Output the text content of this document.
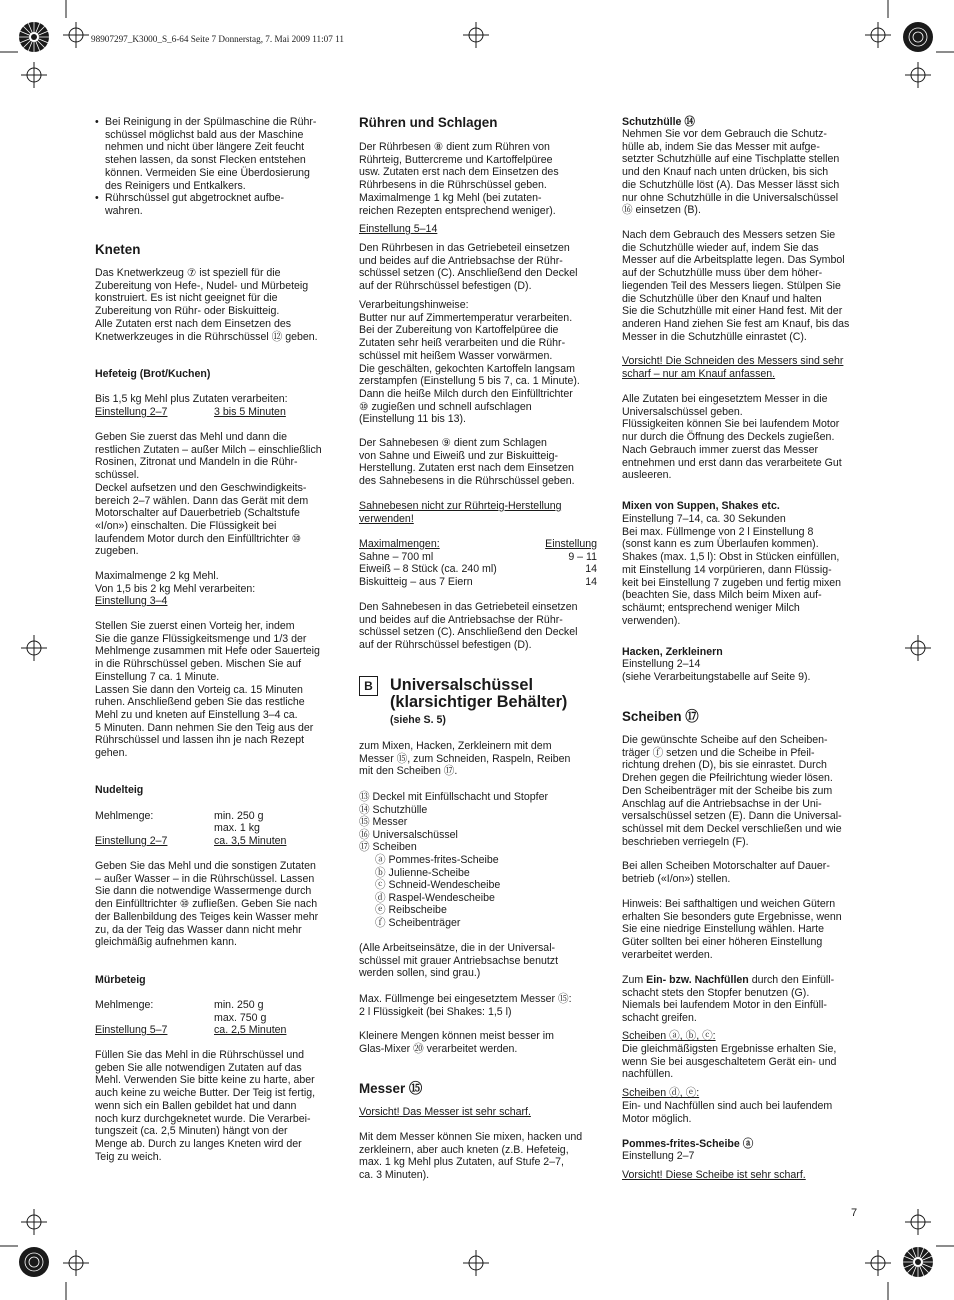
98907297_K3000_S_6-64 Seite 7 Donnerstag, 7. Mai 2009 11:07 11
• Bei Reinigung in der Spülmaschine die Rühr-
schüssel möglichst bald aus der Maschine
nehmen und nicht über längere Zeit feucht
stehen lassen, da sonst Flecken entstehen
können. Vermeiden Sie eine Überdosierung
des Reinigers und Entkalkers.
• Rührschüssel gut abgetrocknet aufbe-
wahren.
Kneten
Das Knetwerkzeug ⑦ ist speziell für die
Zubereitung von Hefe-, Nudel- und Mürbeteig
konstruiert. Es ist nicht geeignet für die
Zubereitung von Rühr- oder Biskuitteig.
Alle Zutaten erst nach dem Einsetzen des
Knetwerkzeuges in die Rührschüssel ⑫ geben.
Hefeteig (Brot/Kuchen)
Bis 1,5 kg Mehl plus Zutaten verarbeiten:
Einstellung 2–7	3 bis 5 Minuten
Geben Sie zuerst das Mehl und dann die
restlichen Zutaten – außer Milch – einschließlich
Rosinen, Zitronat und Mandeln in die Rühr-
schüssel.
Deckel aufsetzen und den Geschwindigkeits-
bereich 2–7 wählen. Dann das Gerät mit dem
Motorschalter auf Dauerbetrieb (Schaltstufe
«I/on») einschalten. Die Flüssigkeit bei
laufendem Motor durch den Einfülltrichter ⑩
zugeben.
Maximalmenge 2 kg Mehl.
Von 1,5 bis 2 kg Mehl verarbeiten:
Einstellung 3–4
Stellen Sie zuerst einen Vorteig her, indem
Sie die ganze Flüssigkeitsmenge und 1/3 der
Mehlmenge zusammen mit Hefe oder Sauerteig
in die Rührschüssel geben. Mischen Sie auf
Einstellung 7 ca. 1 Minute.
Lassen Sie dann den Vorteig ca. 15 Minuten
ruhen. Anschließend geben Sie das restliche
Mehl zu und kneten auf Einstellung 3–4 ca.
5 Minuten. Dann nehmen Sie den Teig aus der
Rührschüssel und lassen ihn je nach Rezept
gehen.
Nudelteig
Mehlmenge:	min. 250 g
max. 1 kg
Einstellung 2–7	ca. 3,5 Minuten
Geben Sie das Mehl und die sonstigen Zutaten
– außer Wasser – in die Rührschüssel. Lassen
Sie dann die notwendige Wassermenge durch
den Einfülltrichter ⑩ zufließen. Geben Sie nach
der Ballenbildung des Teiges kein Wasser mehr
zu, da der Teig das Wasser dann nicht mehr
gleichmäßig aufnehmen kann.
Mürbeteig
Mehlmenge:	min. 250 g
max. 750 g
Einstellung 5–7	ca. 2,5 Minuten
Füllen Sie das Mehl in die Rührschüssel und
geben Sie alle notwendigen Zutaten auf das
Mehl. Verwenden Sie bitte keine zu harte, aber
auch keine zu weiche Butter. Der Teig ist fertig,
wenn sich ein Ballen gebildet hat und dann
noch kurz durchgeknetet wurde. Die Verarbei-
tungszeit (ca. 2,5 Minuten) hängt von der
Menge ab. Durch zu langes Kneten wird der
Teig zu weich.
Rühren und Schlagen
Der Rührbesen ⑧ dient zum Rühren von
Rührteig, Buttercreme und Kartoffelpüree
usw. Zutaten erst nach dem Einsetzen des
Rührbesens in die Rührschüssel geben.
Maximalmenge 1 kg Mehl (bei zutaten-
reichen Rezepten entsprechend weniger).
Einstellung 5–14
Den Rührbesen in das Getriebeteil einsetzen
und beides auf die Antriebsachse der Rühr-
schüssel setzen (C). Anschließend den Deckel
auf der Rührschüssel befestigen (D).
Verarbeitungshinweise:
Butter nur auf Zimmertemperatur verarbeiten.
Bei der Zubereitung von Kartoffelpüree die
Zutaten sehr heiß verarbeiten und die Rühr-
schüssel mit heißem Wasser vorwärmen.
Die geschälten, gekochten Kartoffeln langsam
zerstampfen (Einstellung 5 bis 7, ca. 1 Minute).
Dann die heiße Milch durch den Einfülltrichter
⑩ zugießen und schnell aufschlagen
(Einstellung 11 bis 13).
Der Sahnebesen ⑨ dient zum Schlagen
von Sahne und Eiweiß und zur Biskuitteig-
Herstellung. Zutaten erst nach dem Einsetzen
des Sahnebesens in die Rührschüssel geben.
Sahnebesen nicht zur Rührteig-Herstellung
verwenden!
Maximalmengen:	Einstellung
Sahne – 700 ml	9 – 11
Eiweiß – 8 Stück (ca. 240 ml)	14
Biskuitteig – aus 7 Eiern	14
Den Sahnebesen in das Getriebeteil einsetzen
und beides auf die Antriebsachse der Rühr-
schüssel setzen (C). Anschließend den Deckel
auf der Rührschüssel befestigen (D).
Universalschüssel
(klarsichtiger Behälter)
(siehe S. 5)
zum Mixen, Hacken, Zerkleinern mit dem
Messer ⑮, zum Schneiden, Raspeln, Reiben
mit den Scheiben ⑰.
⑬ Deckel mit Einfüllschacht und Stopfer
⑭ Schutzhülle
⑮ Messer
⑯ Universalschüssel
⑰ Scheiben
ⓐ Pommes-frites-Scheibe
ⓑ Julienne-Scheibe
ⓒ Schneid-Wendescheibe
ⓓ Raspel-Wendescheibe
ⓔ Reibscheibe
ⓕ Scheibenträger
(Alle Arbeitseinsätze, die in der Universal-
schüssel mit grauer Antriebsachse benutzt
werden sollen, sind grau.)
Max. Füllmenge bei eingesetztem Messer ⑮:
2 l Flüssigkeit (bei Shakes: 1,5 l)
Kleinere Mengen können meist besser im
Glas-Mixer ⑳ verarbeitet werden.
Messer ⑮
Vorsicht! Das Messer ist sehr scharf.
Mit dem Messer können Sie mixen, hacken und
zerkleinern, aber auch kneten (z.B. Hefeteig,
max. 1 kg Mehl plus Zutaten, auf Stufe 2–7,
ca. 3 Minuten).
B
Schutzhülle ⑭
Nehmen Sie vor dem Gebrauch die Schutz-
hülle ab, indem Sie das Messer mit aufge-
setzter Schutzhülle auf eine Tischplatte stellen
und den Knauf nach unten drücken, bis sich
die Schutzhülle löst (A). Das Messer lässt sich
nur ohne Schutzhülle in die Universalschüssel
⑯ einsetzen (B).
Nach dem Gebrauch des Messers setzen Sie
die Schutzhülle wieder auf, indem Sie das
Messer auf die Arbeitsplatte legen. Das Symbol
auf der Schutzhülle muss über dem höher-
liegenden Teil des Messers liegen. Stülpen Sie
die Schutzhülle über den Knauf und halten
Sie die Schutzhülle mit einer Hand fest. Mit der
anderen Hand ziehen Sie fest am Knauf, bis das
Messer in die Schutzhülle einrastet (C).
Vorsicht! Die Schneiden des Messers sind sehr
scharf – nur am Knauf anfassen.
Alle Zutaten bei eingesetztem Messer in die
Universalschüssel geben.
Flüssigkeiten können Sie bei laufendem Motor
nur durch die Öffnung des Deckels zugießen.
Nach Gebrauch immer zuerst das Messer
entnehmen und erst dann das verarbeitete Gut
ausleeren.
Mixen von Suppen, Shakes etc.
Einstellung 7–14, ca. 30 Sekunden
Bei max. Füllmenge von 2 l Einstellung 8
(sonst kann es zum Überlaufen kommen).
Shakes (max. 1,5 l): Obst in Stücken einfüllen,
mit Einstellung 14 vorpürieren, dann Flüssig-
keit bei Einstellung 7 zugeben und fertig mixen
(beachten Sie, dass Milch beim Mixen auf-
schäumt; entsprechend weniger Milch
verwenden).
Hacken, Zerkleinern
Einstellung 2–14
(siehe Verarbeitungstabelle auf Seite 9).
Scheiben ⑰
Die gewünschte Scheibe auf den Scheiben-
träger ⓕ setzen und die Scheibe in Pfeil-
richtung drehen (D), bis sie einrastet. Durch
Drehen gegen die Pfeilrichtung wieder lösen.
Den Scheibenträger mit der Scheibe bis zum
Anschlag auf die Antriebsachse in der Uni-
versalschüssel setzen (E). Dann die Universal-
schüssel mit dem Deckel verschließen und wie
beschrieben verriegeln (F).
Bei allen Scheiben Motorschalter auf Dauer-
betrieb («I/on») stellen.
Hinweis: Bei safthaltigen und weichen Gütern
erhalten Sie besonders gute Ergebnisse, wenn
Sie eine niedrige Einstellung wählen. Harte
Güter sollten bei einer höheren Einstellung
verarbeitet werden.
Zum Ein- bzw. Nachfüllen durch den Einfüll-
schacht stets den Stopfer benutzen (G).
Niemals bei laufendem Motor in den Einfüll-
schacht greifen.
Scheiben ⓐ, ⓑ, ⓒ:
Die gleichmäßigsten Ergebnisse erhalten Sie,
wenn Sie bei ausgeschaltetem Gerät ein- und
nachfüllen.
Scheiben ⓓ, ⓔ:
Ein- und Nachfüllen sind auch bei laufendem
Motor möglich.
Pommes-frites-Scheibe ⓐ
Einstellung 2–7
Vorsicht! Diese Scheibe ist sehr scharf.
7
